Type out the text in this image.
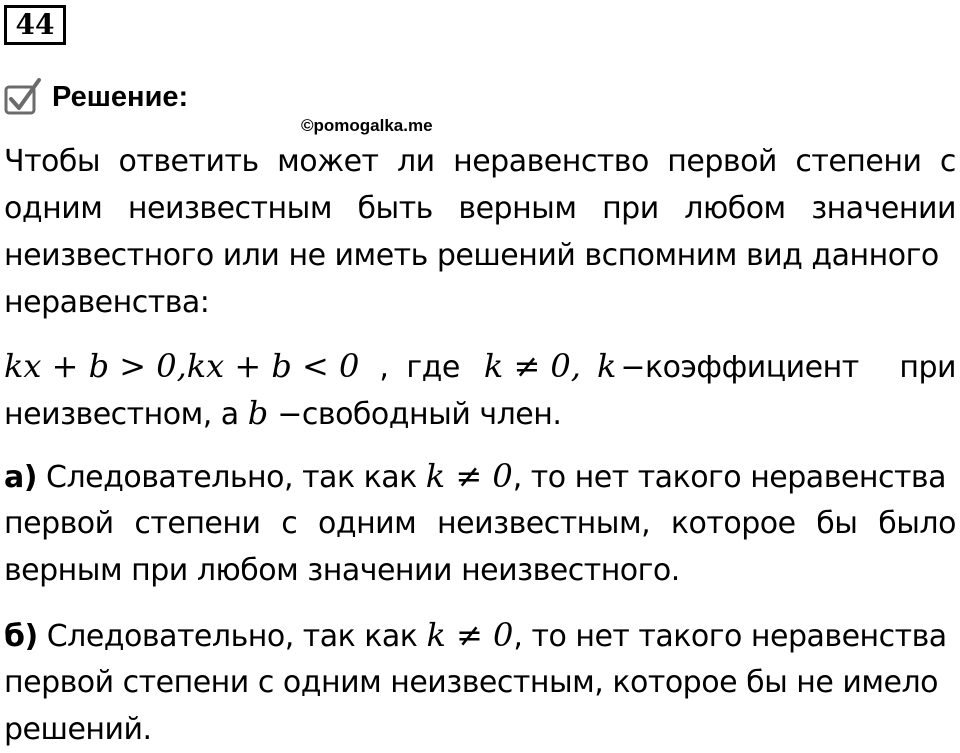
44
Решение:
©pomogalka.me
Чтобы ответить может ли неравенство первой степени с
одним неизвестным быть верным при любом значении
неизвестного или не иметь решений вспомним вид данного
неравенства:
kx + b > 0, kx + b < 0 , где k ≠ 0, k −коэффициент при
неизвестном, а b −свободный член.
а) Следовательно, так как k ≠ 0, то нет такого неравенства
первой степени с одним неизвестным, которое бы было
верным при любом значении неизвестного.
б) Следовательно, так как k ≠ 0, то нет такого неравенства
первой степени с одним неизвестным, которое бы не имело
решений.
